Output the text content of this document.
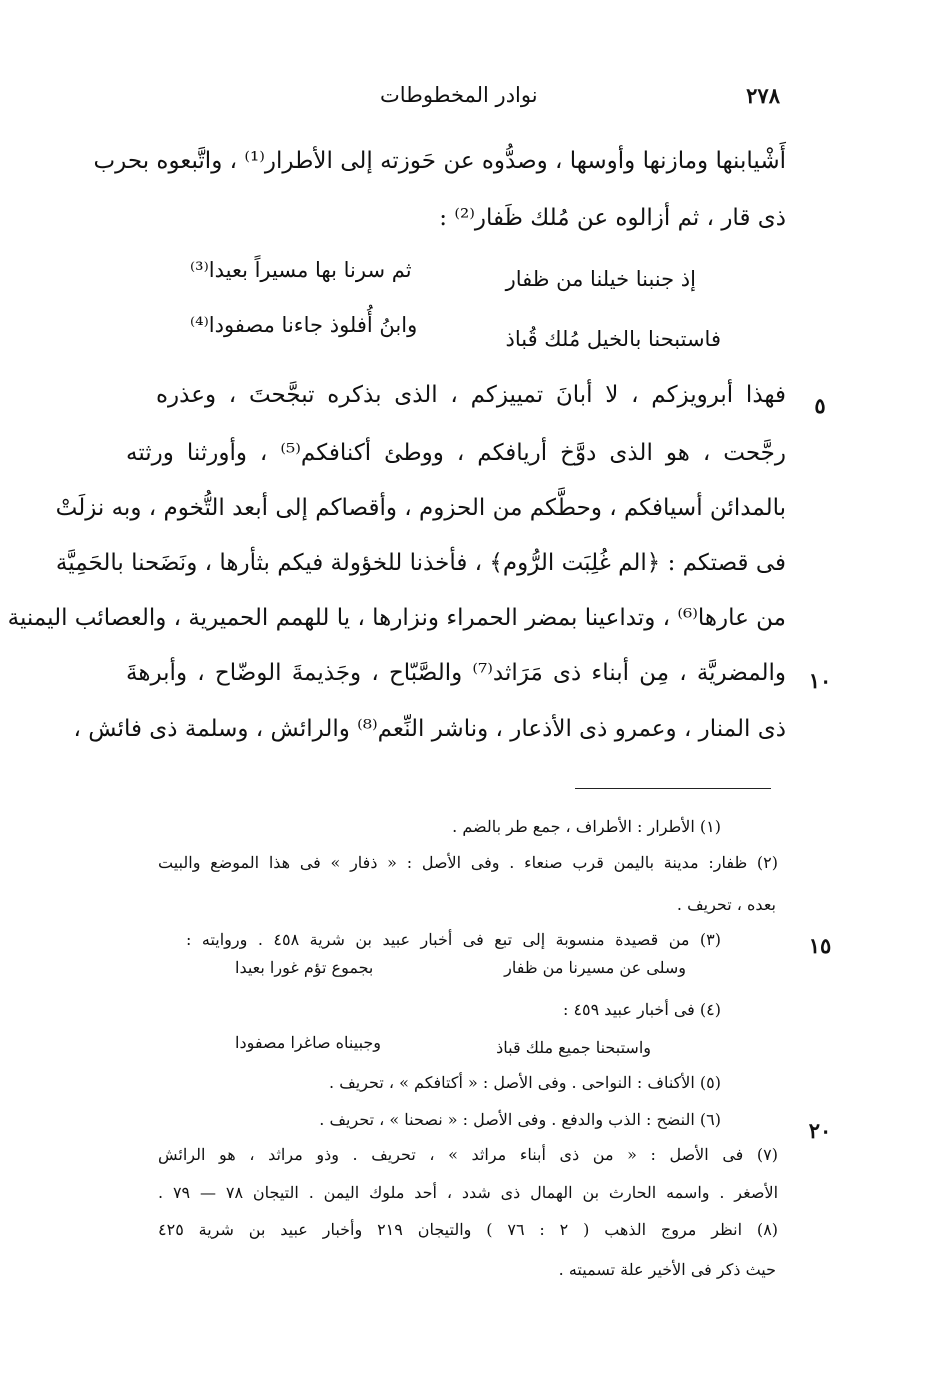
نوادر المخطوطات	٢٧٨
أَشْيابنها ومازنها وأوسها ، وصدُّوه عن حَوزته إلى الأطرار⁽¹⁾ ، واتَّبعوه بحرب
ذى قار ، ثم أزالوه عن مُلك ظَفار⁽²⁾ :
إذ جنبنا خيلنا من ظفار
ثم سرنا بها مسيراً بعيدا⁽³⁾
فاستبحنا بالخيل مُلك قُباذ
وابنُ أُفلوذ جاءنا مصفودا⁽⁴⁾
فهذا أبرويزكم ، لا أبانَ تمييزكم ، الذى بذكره تبجَّحتَ ، وعذره
رجَّحت ، هو الذى دوَّخ أريافكم ، ووطئ أكنافكم⁽⁵⁾ ، وأورثنا ورثته
بالمدائن أسيافكم ، وحطَّكم من الحزوم ، وأقصاكم إلى أبعد التُّخوم ، وبه نزلَتْ
فى قصتكم : ﴿الم غُلِبَت الرُّوم﴾ ، فأخذنا للخؤولة فيكم بثأرها ، ونَضَحنا بالحَمِيَّة
من عارها⁽⁶⁾ ، وتداعينا بمضر الحمراء ونزارها ، يا للهمم الحميرية ، والعصائب اليمنية
والمضريَّة ، مِن أبناء ذى مَرَاثد⁽⁷⁾ والصَّبّاح ، وجَذيمةَ الوضّاح ، وأبرهةَ
ذى المنار ، وعمرو ذى الأذعار ، وناشر النِّعم⁽⁸⁾ والرائش ، وسلمة ذى فائش ،
٥
١٠
١٥
٢٠
(١) الأطرار : الأطراف ، جمع طر بالضم .
(٢) ظفار: مدينة باليمن قرب صنعاء . وفى الأصل : « ذفار » فى هذا الموضع والبيت
بعده ، تحريف .
(٣) من قصيدة منسوبة إلى تبع فى أخبار عبيد بن شرية ٤٥٨ . وروايته :
وسلى عن مسيرنا من ظفار
بجموع تؤم غورا بعيدا
(٤) فى أخبار عبيد ٤٥٩ :
واستبحنا جميع ملك قباذ
وجبيناه صاغرا مصفودا
(٥) الأكناف : النواحى . وفى الأصل : « أكتافكم » ، تحريف .
(٦) النضح : الذب والدفع . وفى الأصل : « نصحنا » ، تحريف .
(٧) فى الأصل : « من ذى أبناء مراثد » ، تحريف . وذو مراثد ، هو الرائش
الأصغر . واسمه الحارث بن الهمال ذى شدد ، أحد ملوك اليمن . التيجان ٧٨ — ٧٩ .
(٨) انظر مروج الذهب ( ٢ : ٧٦ ) والتيجان ٢١٩ وأخبار عبيد بن شرية ٤٢٥
حيث ذكر فى الأخير علة تسميته .
